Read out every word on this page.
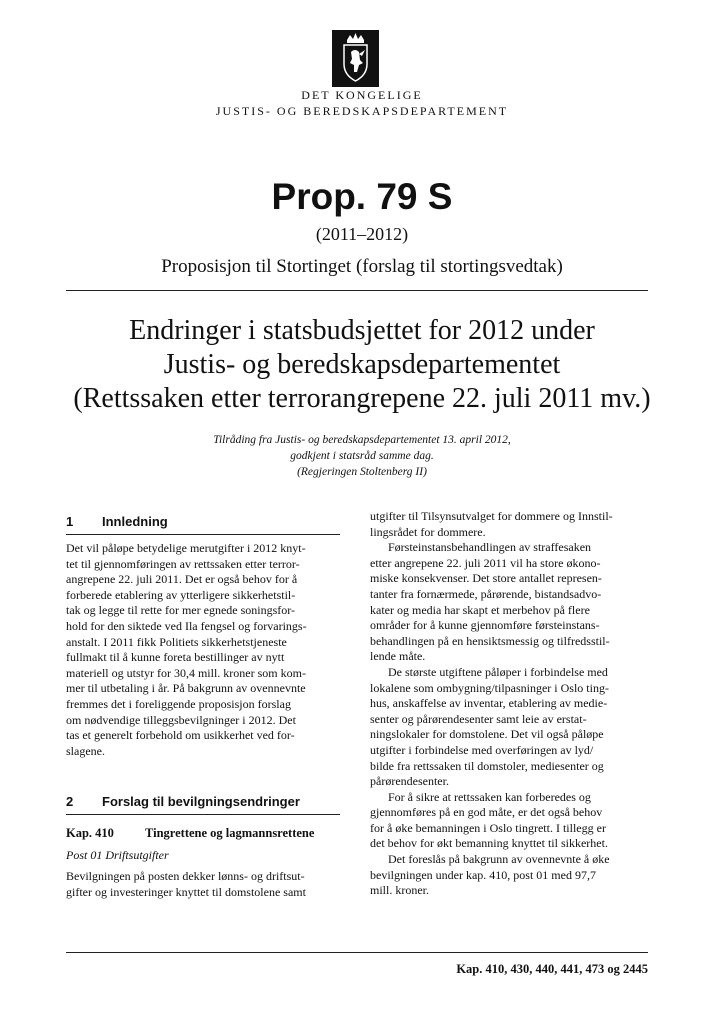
DET KONGELIGE
JUSTIS- OG BEREDSKAPSDEPARTEMENT
Prop. 79 S
(2011–2012)
Proposisjon til Stortinget (forslag til stortingsvedtak)
Endringer i statsbudsjettet for 2012 under
Justis- og beredskapsdepartementet
(Rettssaken etter terrorangrepene 22. juli 2011 mv.)
Tilråding fra Justis- og beredskapsdepartementet 13. april 2012,
godkjent i statsråd samme dag.
(Regjeringen Stoltenberg II)
1 Innledning
Det vil påløpe betydelige merutgifter i 2012 knyt-
tet til gjennomføringen av rettssaken etter terror-
angrepene 22. juli 2011. Det er også behov for å
forberede etablering av ytterligere sikkerhetstil-
tak og legge til rette for mer egnede soningsfor-
hold for den siktede ved Ila fengsel og forvarings-
anstalt. I 2011 fikk Politiets sikkerhetstjeneste
fullmakt til å kunne foreta bestillinger av nytt
materiell og utstyr for 30,4 mill. kroner som kom-
mer til utbetaling i år. På bakgrunn av ovennevnte
fremmes det i foreliggende proposisjon forslag
om nødvendige tilleggsbevilgninger i 2012. Det
tas et generelt forbehold om usikkerhet ved for-
slagene.
2 Forslag til bevilgningsendringer
Kap. 410 Tingrettene og lagmannsrettene
Post 01 Driftsutgifter
Bevilgningen på posten dekker lønns- og driftsut-
gifter og investeringer knyttet til domstolene samt
utgifter til Tilsynsutvalget for dommere og Innstil-
lingsrådet for dommere.
Førsteinstansbehandlingen av straffesaken
etter angrepene 22. juli 2011 vil ha store økono-
miske konsekvenser. Det store antallet represen-
tanter fra fornærmede, pårørende, bistandsadvo-
kater og media har skapt et merbehov på flere
områder for å kunne gjennomføre førsteinstans-
behandlingen på en hensiktsmessig og tilfredsstil-
lende måte.
De største utgiftene påløper i forbindelse med
lokalene som ombygning/tilpasninger i Oslo ting-
hus, anskaffelse av inventar, etablering av medie-
senter og pårørendesenter samt leie av erstat-
ningslokaler for domstolene. Det vil også påløpe
utgifter i forbindelse med overføringen av lyd/
bilde fra rettssaken til domstoler, mediesenter og
pårørendesenter.
For å sikre at rettssaken kan forberedes og
gjennomføres på en god måte, er det også behov
for å øke bemanningen i Oslo tingrett. I tillegg er
det behov for økt bemanning knyttet til sikkerhet.
Det foreslås på bakgrunn av ovennevnte å øke
bevilgningen under kap. 410, post 01 med 97,7
mill. kroner.
Kap. 410, 430, 440, 441, 473 og 2445
